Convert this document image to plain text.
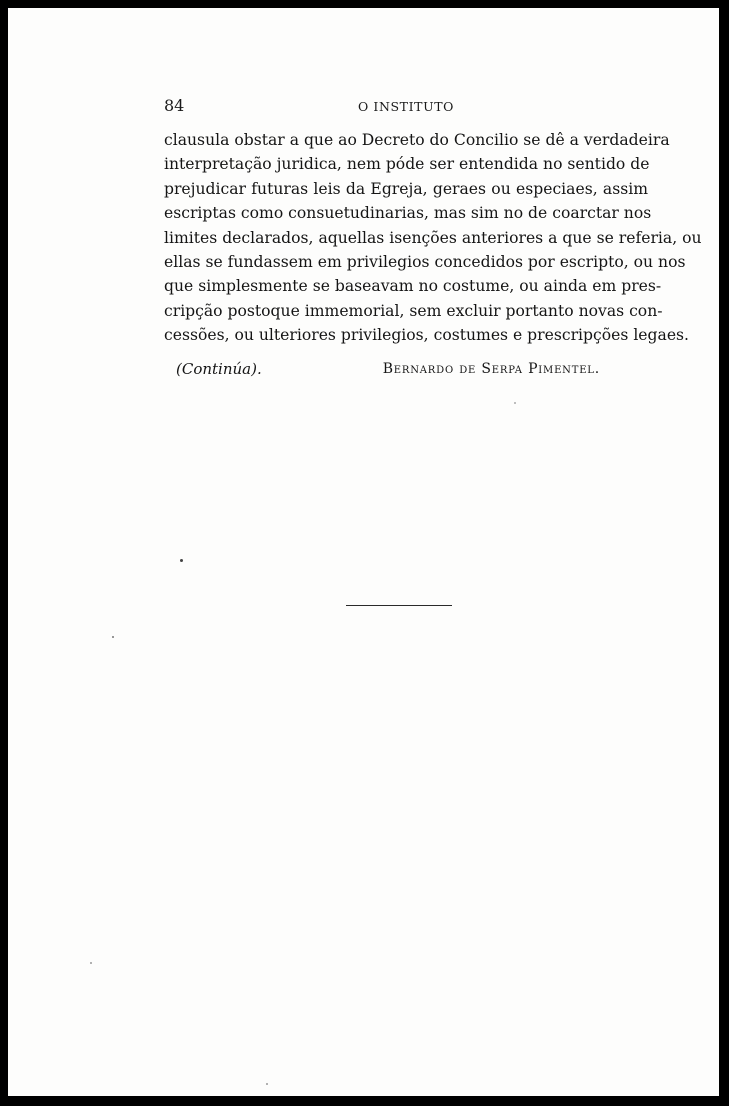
84	O INSTITUTO
clausula obstar a que ao Decreto do Concilio se dê a verdadeira
interpretação juridica, nem póde ser entendida no sentido de
prejudicar futuras leis da Egreja, geraes ou especiaes, assim
escriptas como consuetudinarias, mas sim no de coarctar nos
limites declarados, aquellas isenções anteriores a que se referia, ou
ellas se fundassem em privilegios concedidos por escripto, ou nos
que simplesmente se baseavam no costume, ou ainda em pres-
cripção postoque immemorial, sem excluir portanto novas con-
cessões, ou ulteriores privilegios, costumes e prescripções legaes.
(Continúa).	Bernardo de Serpa Pimentel.
